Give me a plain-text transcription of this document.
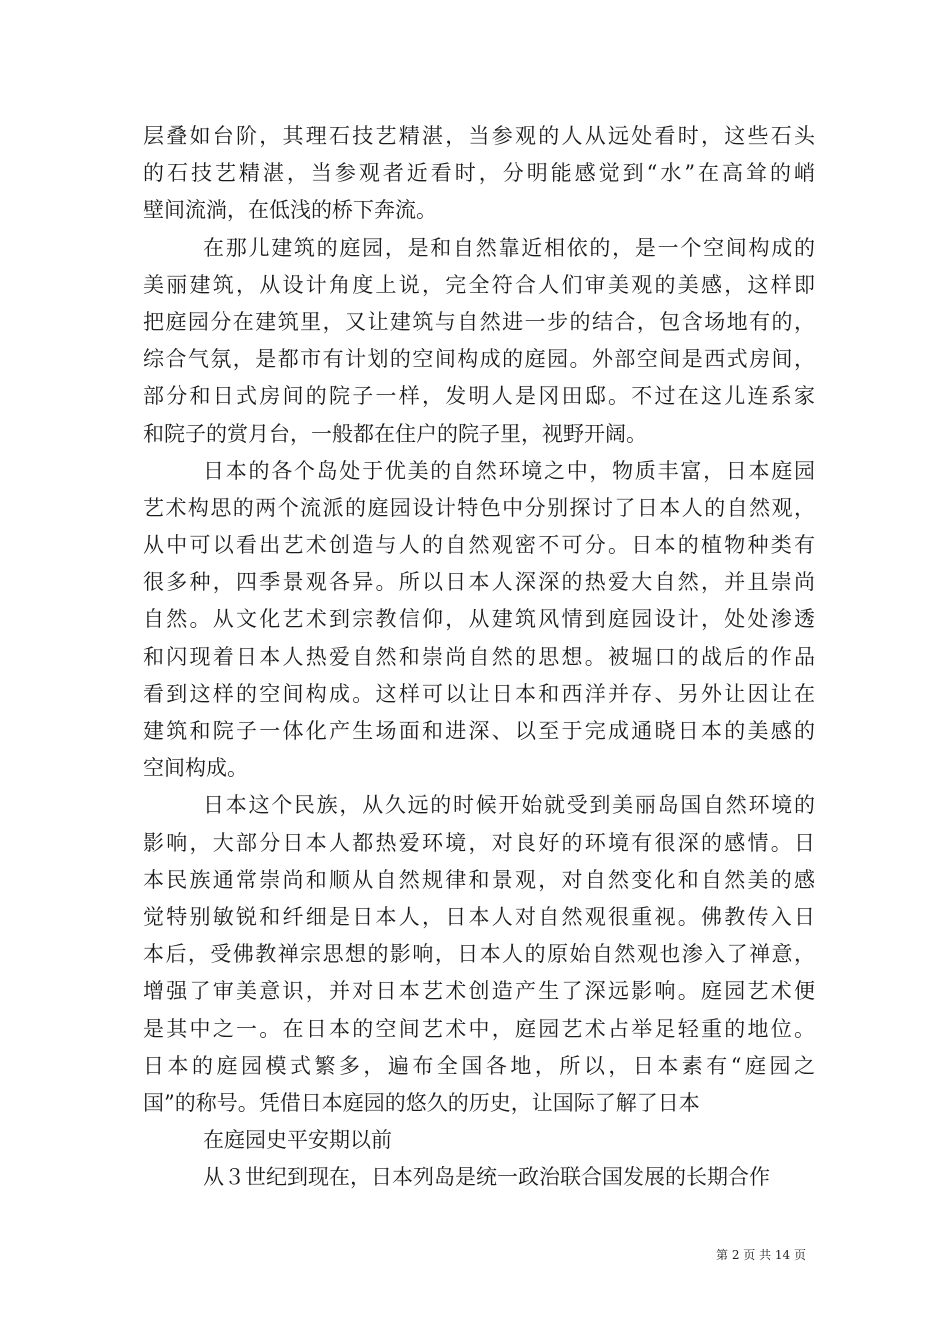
层叠如台阶，其理石技艺精湛，当参观的人从远处看时，这些石头
的石技艺精湛，当参观者近看时，分明能感觉到“水”在高耸的峭
壁间流淌，在低浅的桥下奔流。
在那儿建筑的庭园，是和自然靠近相依的，是一个空间构成的
美丽建筑，从设计角度上说，完全符合人们审美观的美感，这样即
把庭园分在建筑里，又让建筑与自然进一步的结合，包含场地有的，
综合气氛，是都市有计划的空间构成的庭园。外部空间是西式房间，
部分和日式房间的院子一样，发明人是冈田邸。不过在这儿连系家
和院子的赏月台，一般都在住户的院子里，视野开阔。
日本的各个岛处于优美的自然环境之中，物质丰富，日本庭园
艺术构思的两个流派的庭园设计特色中分别探讨了日本人的自然观，
从中可以看出艺术创造与人的自然观密不可分。日本的植物种类有
很多种，四季景观各异。所以日本人深深的热爱大自然，并且崇尚
自然。从文化艺术到宗教信仰，从建筑风情到庭园设计，处处渗透
和闪现着日本人热爱自然和崇尚自然的思想。被堀口的战后的作品
看到这样的空间构成。这样可以让日本和西洋并存、另外让因让在
建筑和院子一体化产生场面和进深、以至于完成通晓日本的美感的
空间构成。
日本这个民族，从久远的时候开始就受到美丽岛国自然环境的
影响，大部分日本人都热爱环境，对良好的环境有很深的感情。日
本民族通常崇尚和顺从自然规律和景观，对自然变化和自然美的感
觉特别敏锐和纤细是日本人，日本人对自然观很重视。佛教传入日
本后，受佛教禅宗思想的影响，日本人的原始自然观也渗入了禅意，
增强了审美意识，并对日本艺术创造产生了深远影响。庭园艺术便
是其中之一。在日本的空间艺术中，庭园艺术占举足轻重的地位。
日本的庭园模式繁多，遍布全国各地，所以，日本素有“庭园之
国”的称号。凭借日本庭园的悠久的历史，让国际了解了日本
在庭园史平安期以前
从３世纪到现在，日本列岛是统一政治联合国发展的长期合作
第 2 页 共 14 页
